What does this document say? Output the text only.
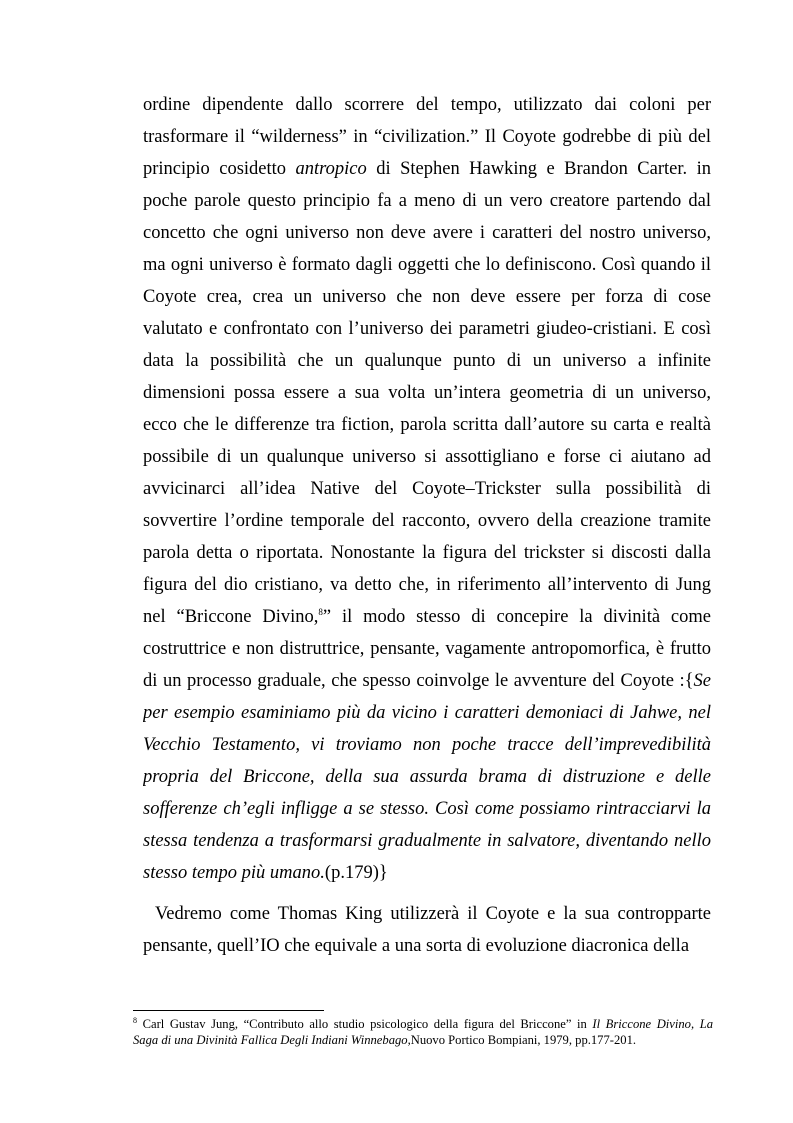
ordine dipendente dallo scorrere del tempo, utilizzato dai coloni per
trasformare il “wilderness” in “civilization.” Il Coyote godrebbe di più del
principio cosidetto antropico di Stephen Hawking e Brandon Carter. in
poche parole questo principio fa a meno di un vero creatore partendo dal
concetto che ogni universo non deve avere i caratteri del nostro universo,
ma ogni universo è formato dagli oggetti che lo definiscono. Così quando il
Coyote crea, crea un universo che non deve essere per forza di cose
valutato e confrontato con l’universo dei parametri giudeo-cristiani. E così
data la possibilità che un qualunque punto di un universo a infinite
dimensioni possa essere a sua volta un’intera geometria di un universo,
ecco che le differenze tra fiction, parola scritta dall’autore su carta e realtà
possibile di un qualunque universo si assottigliano e forse ci aiutano ad
avvicinarci all’idea Native del Coyote–Trickster sulla possibilità di
sovvertire l’ordine temporale del racconto, ovvero della creazione tramite
parola detta o riportata. Nonostante la figura del trickster si discosti dalla
figura del dio cristiano, va detto che, in riferimento all’intervento di Jung
nel “Briccone Divino,$^8$” il modo stesso di concepire la divinità come
costruttrice e non distruttrice, pensante, vagamente antropomorfica, è frutto
di un processo graduale, che spesso coinvolge le avventure del Coyote :{Se
per esempio esaminiamo più da vicino i caratteri demoniaci di Jahwe, nel
Vecchio Testamento, vi troviamo non poche tracce dell’imprevedibilità
propria del Briccone, della sua assurda brama di distruzione e delle
sofferenze ch’egli infligge a se stesso. Così come possiamo rintracciarvi la
stessa tendenza a trasformarsi gradualmente in salvatore, diventando nello
stesso tempo più umano.(p.179)}
Vedremo come Thomas King utilizzerà il Coyote e la sua contropparte
pensante, quell’IO che equivale a una sorta di evoluzione diacronica della
$^8$ Carl Gustav Jung, “Contributo allo studio psicologico della figura del Briccone” in Il Briccone Divino, La
Saga di una Divinità Fallica Degli Indiani Winnebago,Nuovo Portico Bompiani, 1979, pp.177-201.
